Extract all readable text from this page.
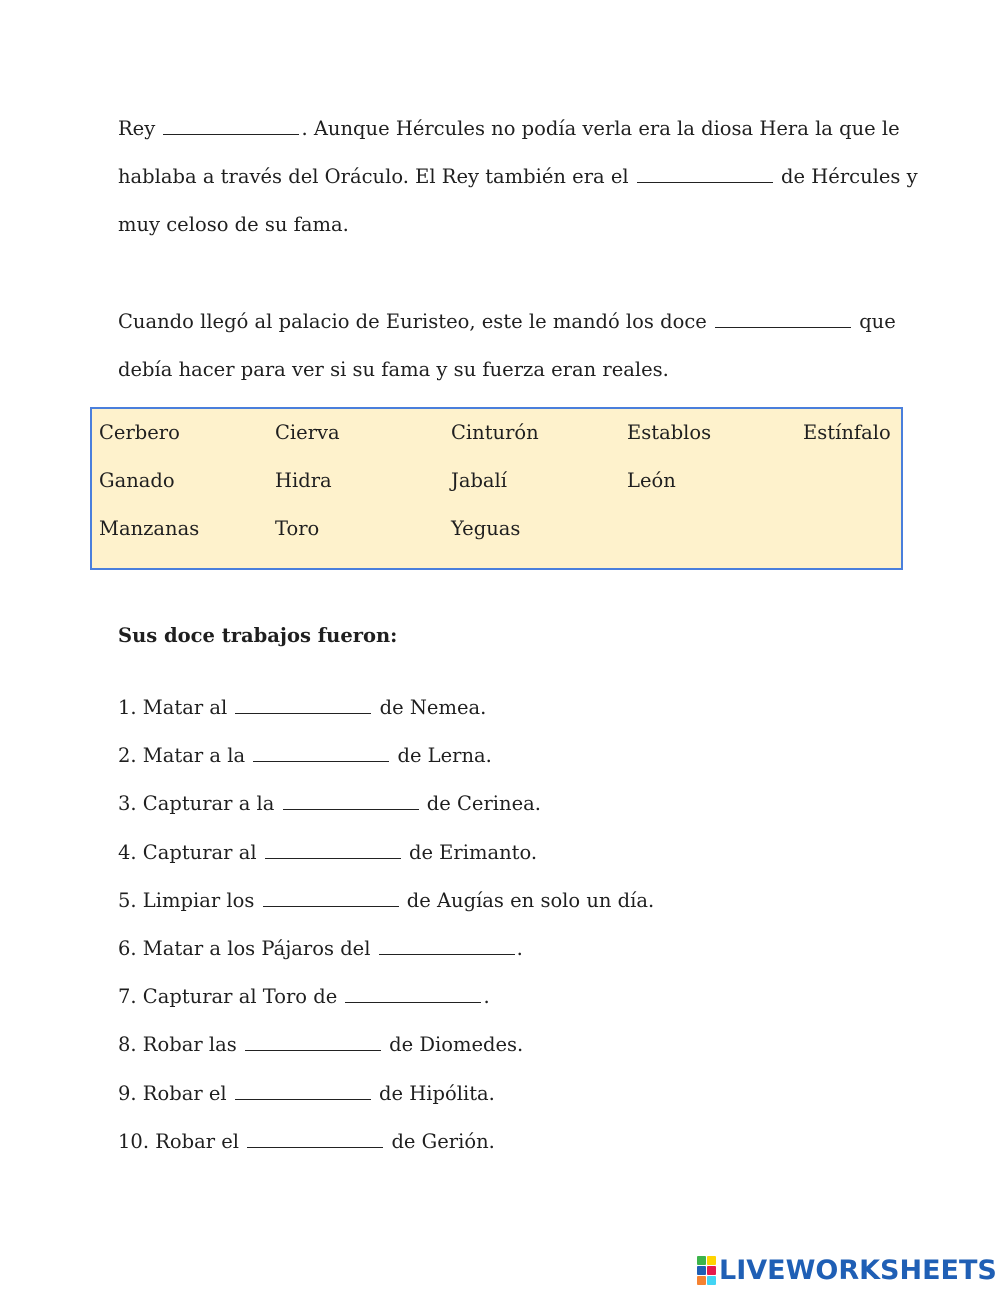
Rey	. Aunque Hércules no podía verla era la diosa Hera la que le
hablaba a través del Oráculo. El Rey también era el	de Hércules y
muy celoso de su fama.
Cuando llegó al palacio de Euristeo, este le mandó los doce	que
debía hacer para ver si su fama y su fuerza eran reales.
Cerbero	Cierva	Cinturón	Establos	Estínfalo
Ganado	Hidra	Jabalí	León
Manzanas	Toro	Yeguas
Sus doce trabajos fueron:
1. Matar al	de Nemea.
2. Matar a la	de Lerna.
3. Capturar a la	de Cerinea.
4. Capturar al	de Erimanto.
5. Limpiar los	de Augías en solo un día.
6. Matar a los Pájaros del	.
7. Capturar al Toro de	.
8. Robar las	de Diomedes.
9. Robar el	de Hipólita.
10. Robar el	de Gerión.
LIVEWORKSHEETS
